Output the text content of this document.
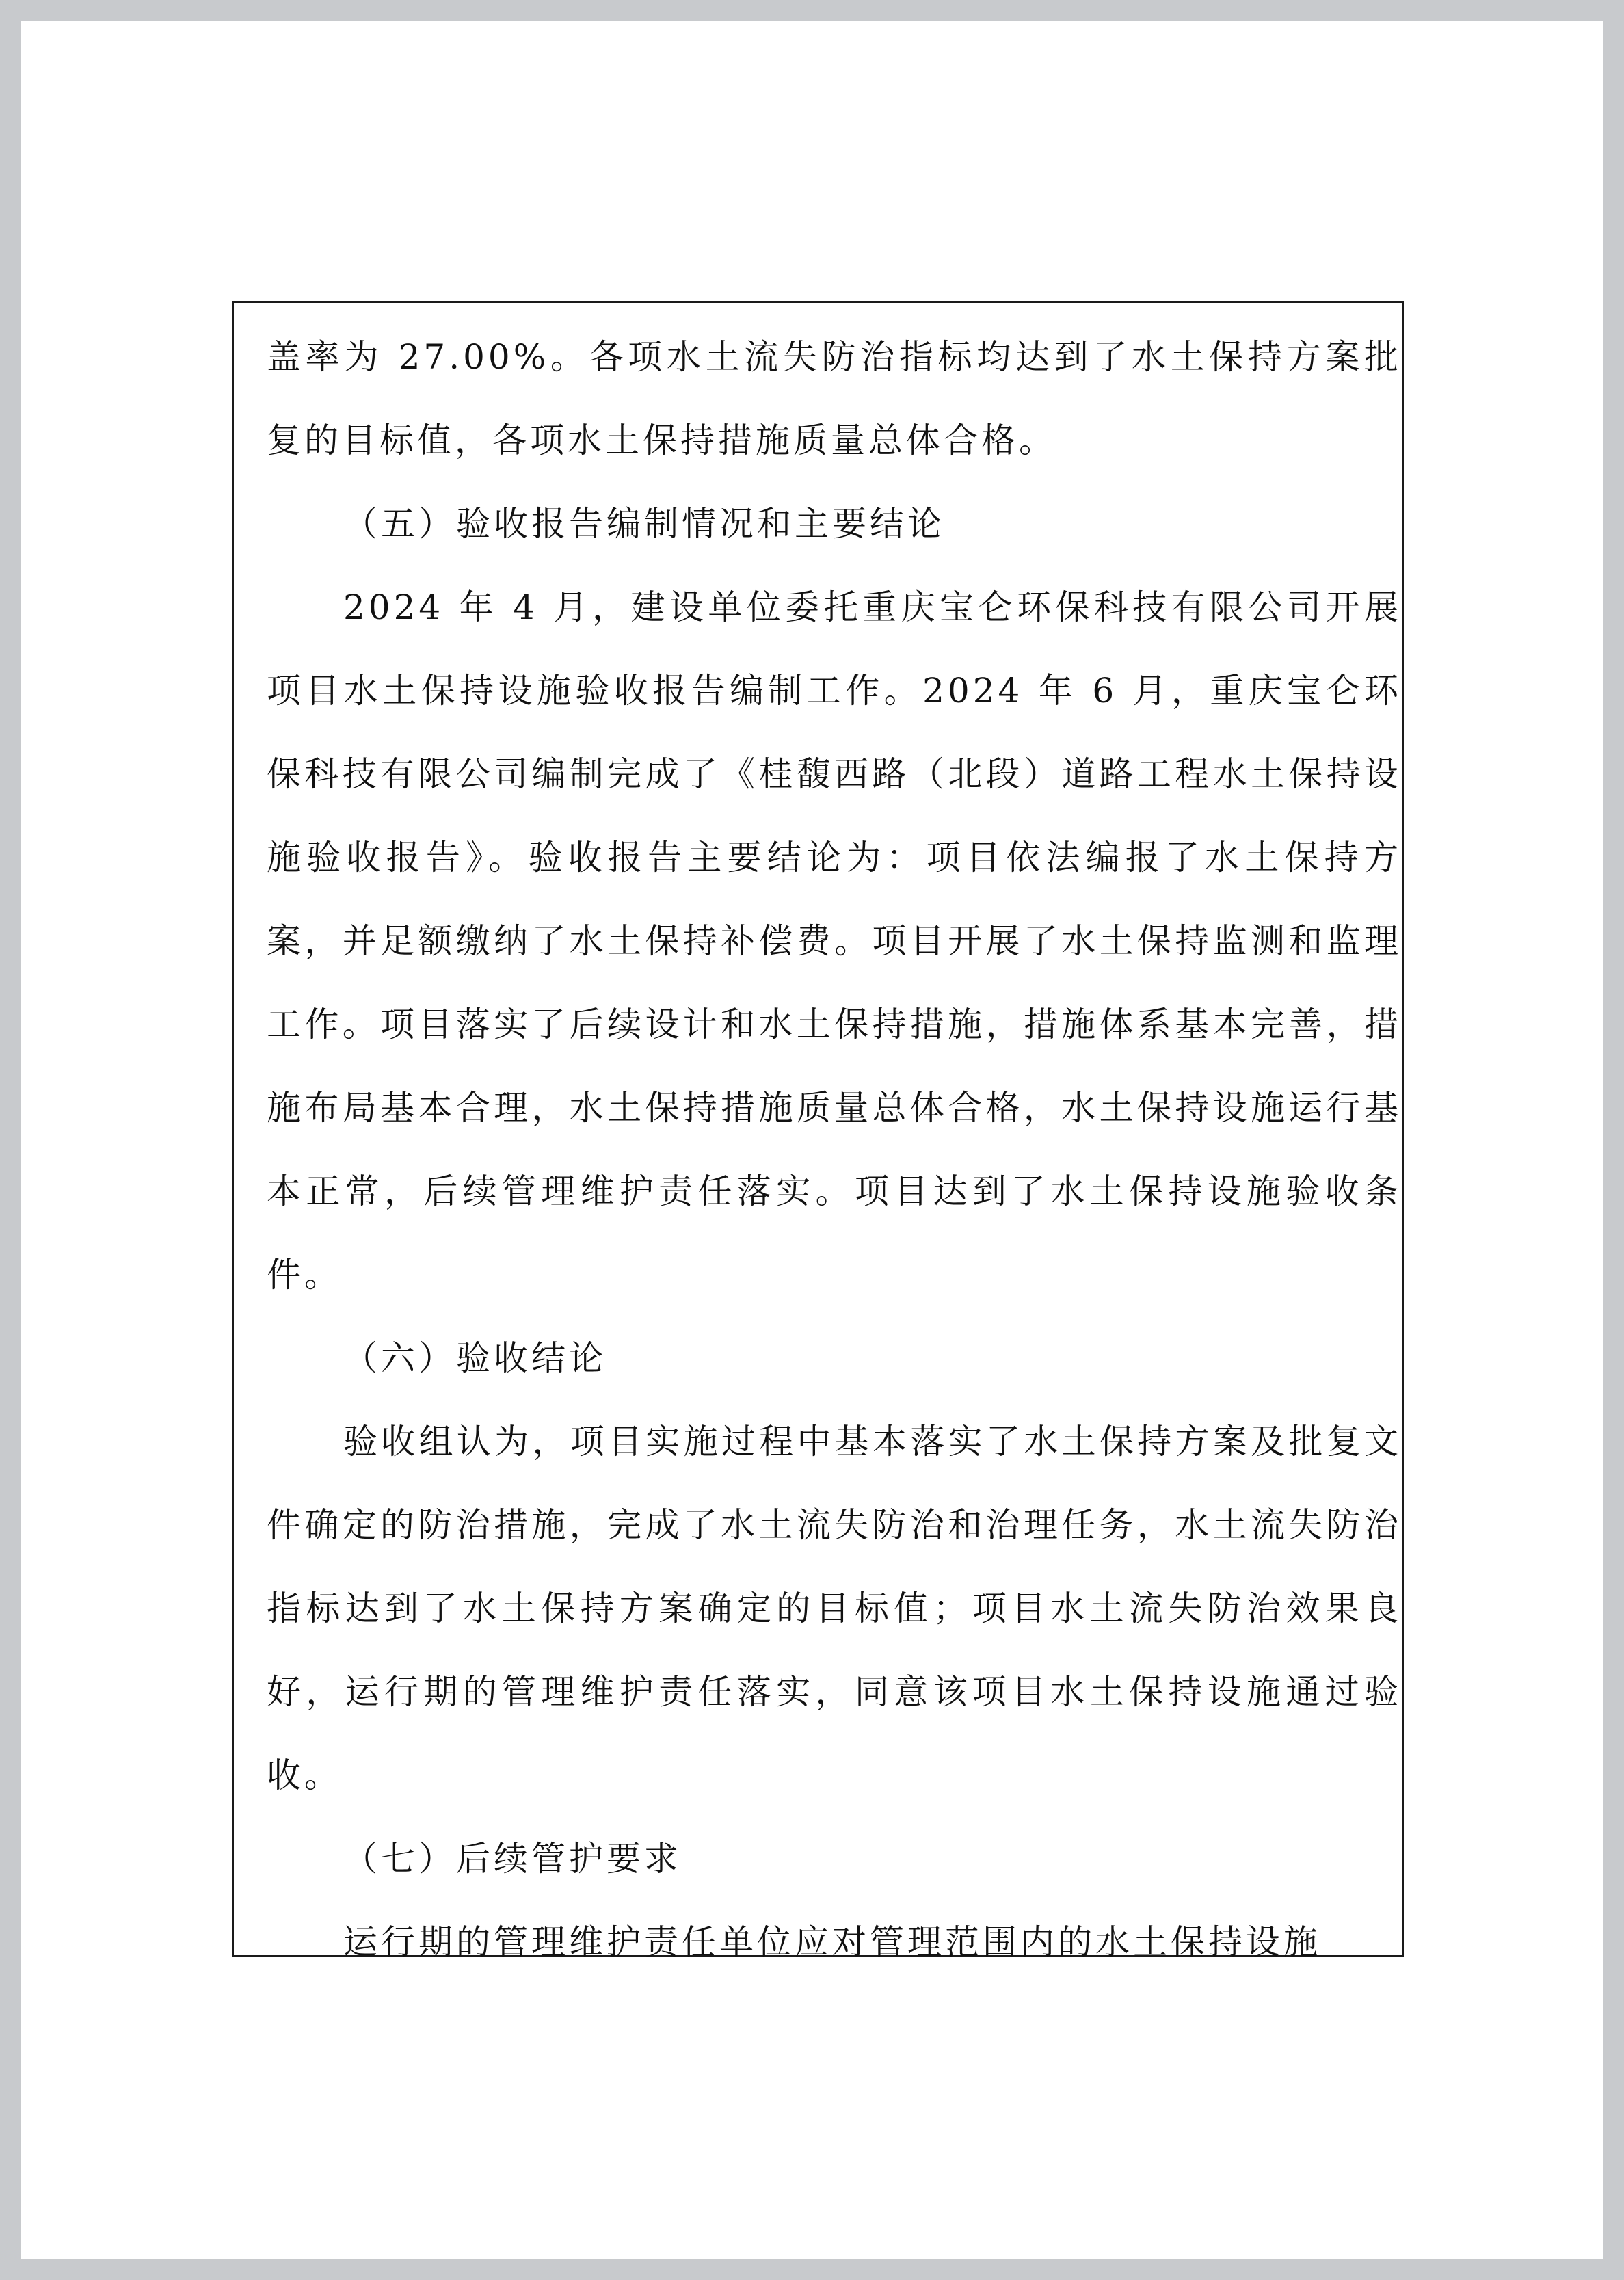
盖率为 27.00%。各项水土流失防治指标均达到了水土保持方案批复的目标值，各项水土保持措施质量总体合格。

（五）验收报告编制情况和主要结论

2024 年 4 月，建设单位委托重庆宝仑环保科技有限公司开展项目水土保持设施验收报告编制工作。2024 年 6 月，重庆宝仑环保科技有限公司编制完成了《桂馥西路（北段）道路工程水土保持设施验收报告》。验收报告主要结论为：项目依法编报了水土保持方案，并足额缴纳了水土保持补偿费。项目开展了水土保持监测和监理工作。项目落实了后续设计和水土保持措施，措施体系基本完善，措施布局基本合理，水土保持措施质量总体合格，水土保持设施运行基本正常，后续管理维护责任落实。项目达到了水土保持设施验收条件。

（六）验收结论

验收组认为，项目实施过程中基本落实了水土保持方案及批复文件确定的防治措施，完成了水土流失防治和治理任务，水土流失防治指标达到了水土保持方案确定的目标值；项目水土流失防治效果良好，运行期的管理维护责任落实，同意该项目水土保持设施通过验收。

（七）后续管护要求

运行期的管理维护责任单位应对管理范围内的水土保持设施
